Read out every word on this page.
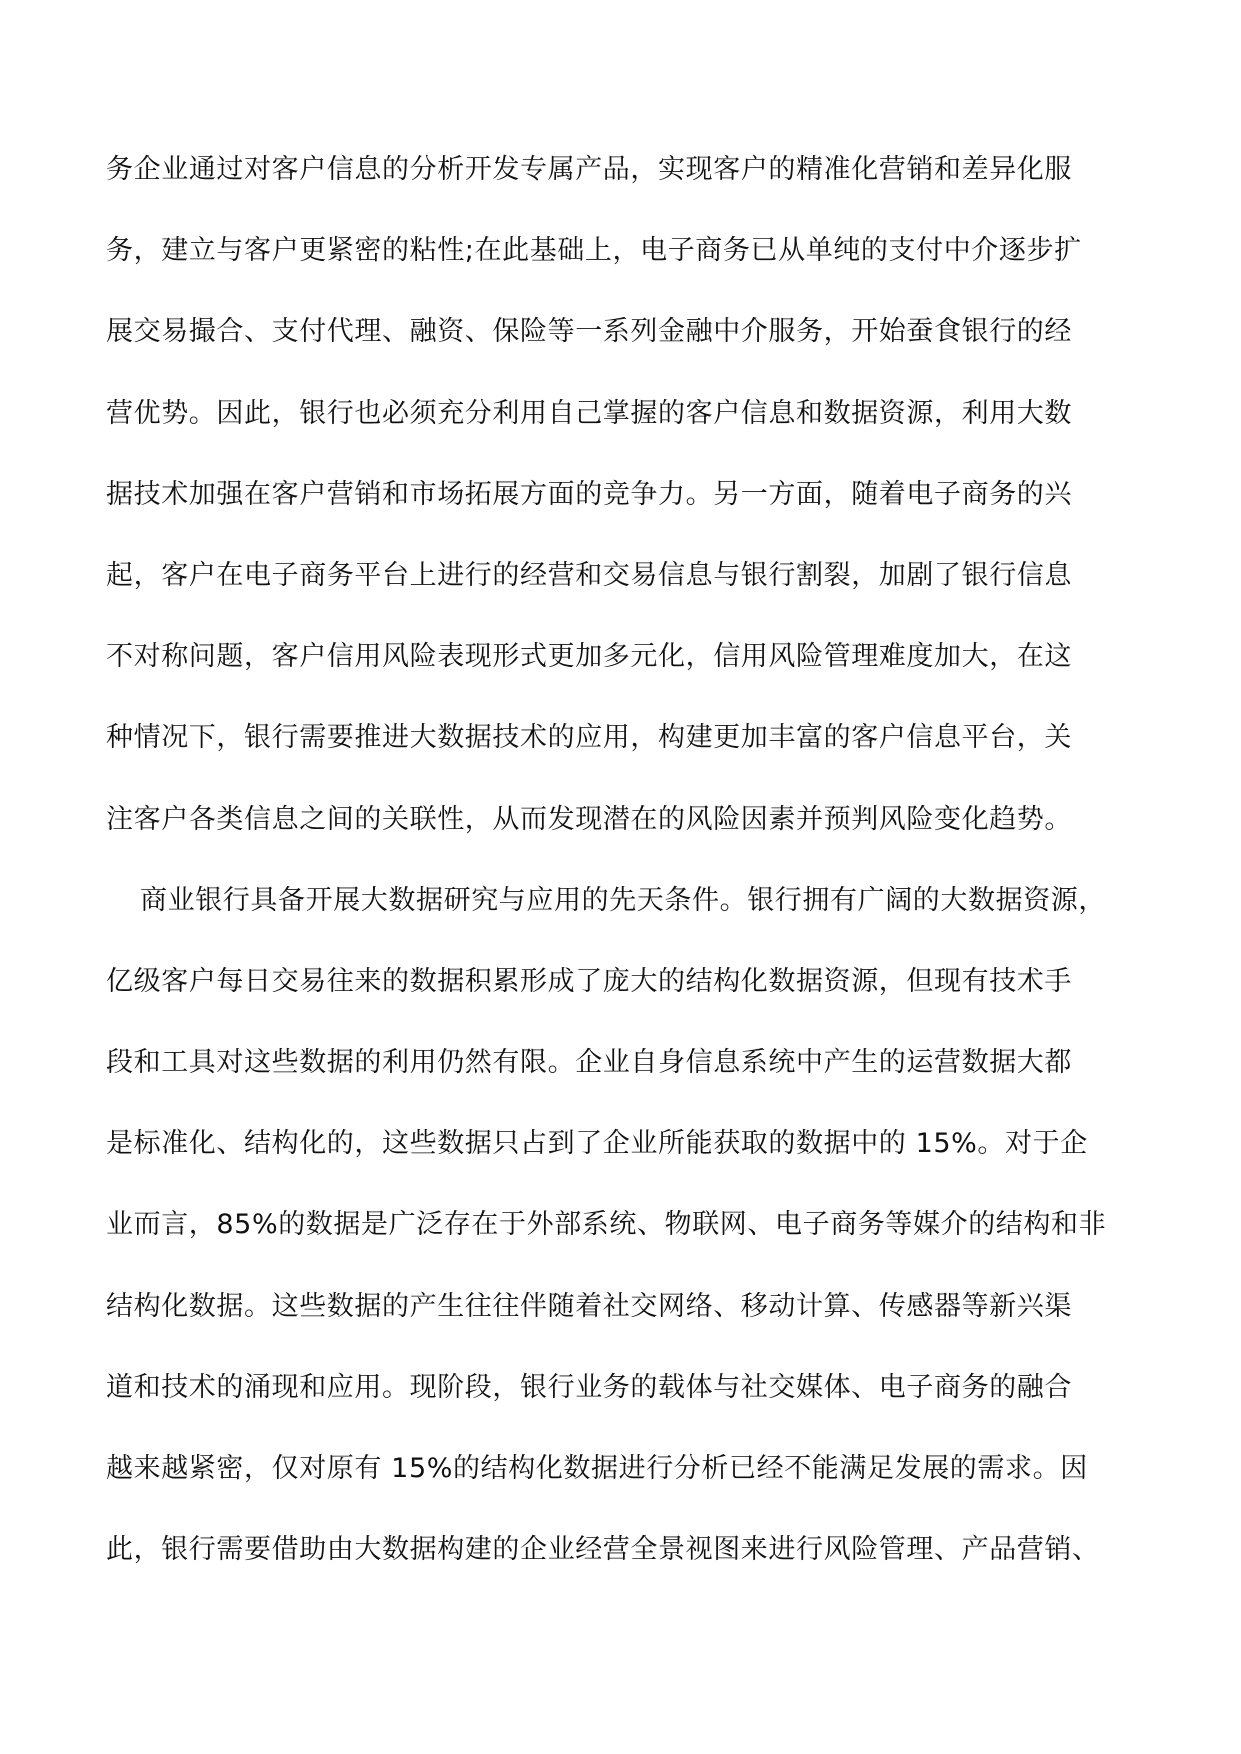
务企业通过对客户信息的分析开发专属产品，实现客户的精准化营销和差异化服
务，建立与客户更紧密的粘性;在此基础上，电子商务已从单纯的支付中介逐步扩
展交易撮合、支付代理、融资、保险等一系列金融中介服务，开始蚕食银行的经
营优势。因此，银行也必须充分利用自己掌握的客户信息和数据资源，利用大数
据技术加强在客户营销和市场拓展方面的竞争力。另一方面，随着电子商务的兴
起，客户在电子商务平台上进行的经营和交易信息与银行割裂，加剧了银行信息
不对称问题，客户信用风险表现形式更加多元化，信用风险管理难度加大，在这
种情况下，银行需要推进大数据技术的应用，构建更加丰富的客户信息平台，关
注客户各类信息之间的关联性，从而发现潜在的风险因素并预判风险变化趋势。
商业银行具备开展大数据研究与应用的先天条件。银行拥有广阔的大数据资源，
亿级客户每日交易往来的数据积累形成了庞大的结构化数据资源，但现有技术手
段和工具对这些数据的利用仍然有限。企业自身信息系统中产生的运营数据大都
是标准化、结构化的，这些数据只占到了企业所能获取的数据中的 15%。对于企
业而言，85%的数据是广泛存在于外部系统、物联网、电子商务等媒介的结构和非
结构化数据。这些数据的产生往往伴随着社交网络、移动计算、传感器等新兴渠
道和技术的涌现和应用。现阶段，银行业务的载体与社交媒体、电子商务的融合
越来越紧密，仅对原有 15%的结构化数据进行分析已经不能满足发展的需求。因
此，银行需要借助由大数据构建的企业经营全景视图来进行风险管理、产品营销、
